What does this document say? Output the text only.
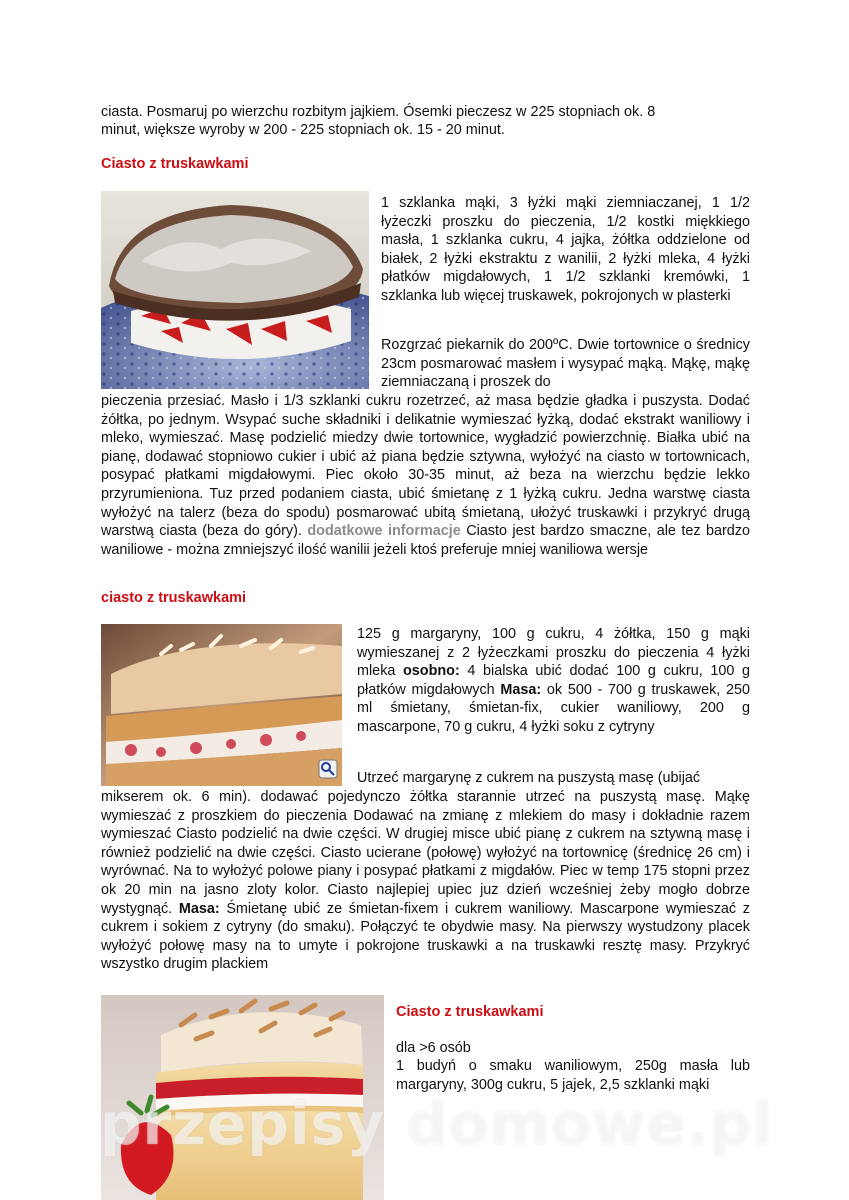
ciasta. Posmaruj po wierzchu rozbitym jajkiem. Ósemki pieczesz w 225 stopniach ok. 8

minut, większe wyroby w 200 - 225 stopniach ok. 15 - 20 minut.

Ciasto z truskawkami

1 szklanka mąki, 3 łyżki mąki ziemniaczanej, 1 1/2 łyżeczki proszku do pieczenia, 1/2 kostki miękkiego masła, 1 szklanka cukru, 4 jajka, żółtka oddzielone od białek, 2 łyżki ekstraktu z wanilii, 2 łyżki mleka, 4 łyżki płatków migdałowych, 1 1/2 szklanki kremówki, 1 szklanka lub więcej truskawek, pokrojonych w plasterki

Rozgrzać piekarnik do 200ºC. Dwie tortownice o średnicy 23cm posmarować masłem i wysypać mąką. Mąkę, mąkę ziemniaczaną i proszek do

pieczenia przesiać. Masło i 1/3 szklanki cukru rozetrzeć, aż masa będzie gładka i puszysta. Dodać żółtka, po jednym. Wsypać suche składniki i delikatnie wymieszać łyżką, dodać ekstrakt waniliowy i mleko, wymieszać. Masę podzielić miedzy dwie tortownice, wygładzić powierzchnię. Białka ubić na pianę, dodawać stopniowo cukier i ubić aż piana będzie sztywna, wyłożyć na ciasto w tortownicach, posypać płatkami migdałowymi. Piec około 30-35 minut, aż beza na wierzchu będzie lekko przyrumieniona. Tuz przed podaniem ciasta, ubić śmietanę z 1 łyżką cukru. Jedna warstwę ciasta wyłożyć na talerz (beza do spodu) posmarować ubitą śmietaną, ułożyć truskawki i przykryć drugą warstwą ciasta (beza do góry). dodatkowe informacje Ciasto jest bardzo smaczne, ale tez bardzo waniliowe - można zmniejszyć ilość wanilii jeżeli ktoś preferuje mniej waniliowa wersje

ciasto z truskawkami

125 g margaryny, 100 g cukru, 4 żółtka, 150 g mąki wymieszanej z 2 łyżeczkami proszku do pieczenia 4 łyżki mleka osobno: 4 bialska ubić dodać 100 g cukru, 100 g płatków migdałowych Masa: ok 500 - 700 g truskawek, 250 ml śmietany, śmietan-fix, cukier waniliowy, 200 g mascarpone, 70 g cukru, 4 łyżki soku z cytryny

Utrzeć margarynę z cukrem na puszystą masę (ubijać

mikserem ok. 6 min). dodawać pojedynczo żółtka starannie utrzeć na puszystą masę. Mąkę wymieszać z proszkiem do pieczenia Dodawać na zmianę z mlekiem do masy i dokładnie razem wymieszać Ciasto podzielić na dwie części. W drugiej misce ubić pianę z cukrem na sztywną masę i również podzielić na dwie części. Ciasto ucierane (połowę) wyłożyć na tortownicę (średnicę 26 cm) i wyrównać. Na to wyłożyć polowe piany i posypać płatkami z migdałów. Piec w temp 175 stopni przez ok 20 min na jasno zloty kolor. Ciasto najlepiej upiec juz dzień wcześniej żeby mogło dobrze wystygnąć. Masa: Śmietanę ubić ze śmietan-fixem i cukrem waniliowy. Mascarpone wymieszać z cukrem i sokiem z cytryny (do smaku). Połączyć te obydwie masy. Na pierwszy wystudzony placek wyłożyć połowę masy na to umyte i pokrojone truskawki a na truskawki resztę masy. Przykryć wszystko drugim plackiem

Ciasto z truskawkami

dla >6 osób

1 budyń o smaku waniliowym, 250g masła lub margaryny, 300g cukru, 5 jajek, 2,5 szklanki mąki

przepisy domowe.pl
